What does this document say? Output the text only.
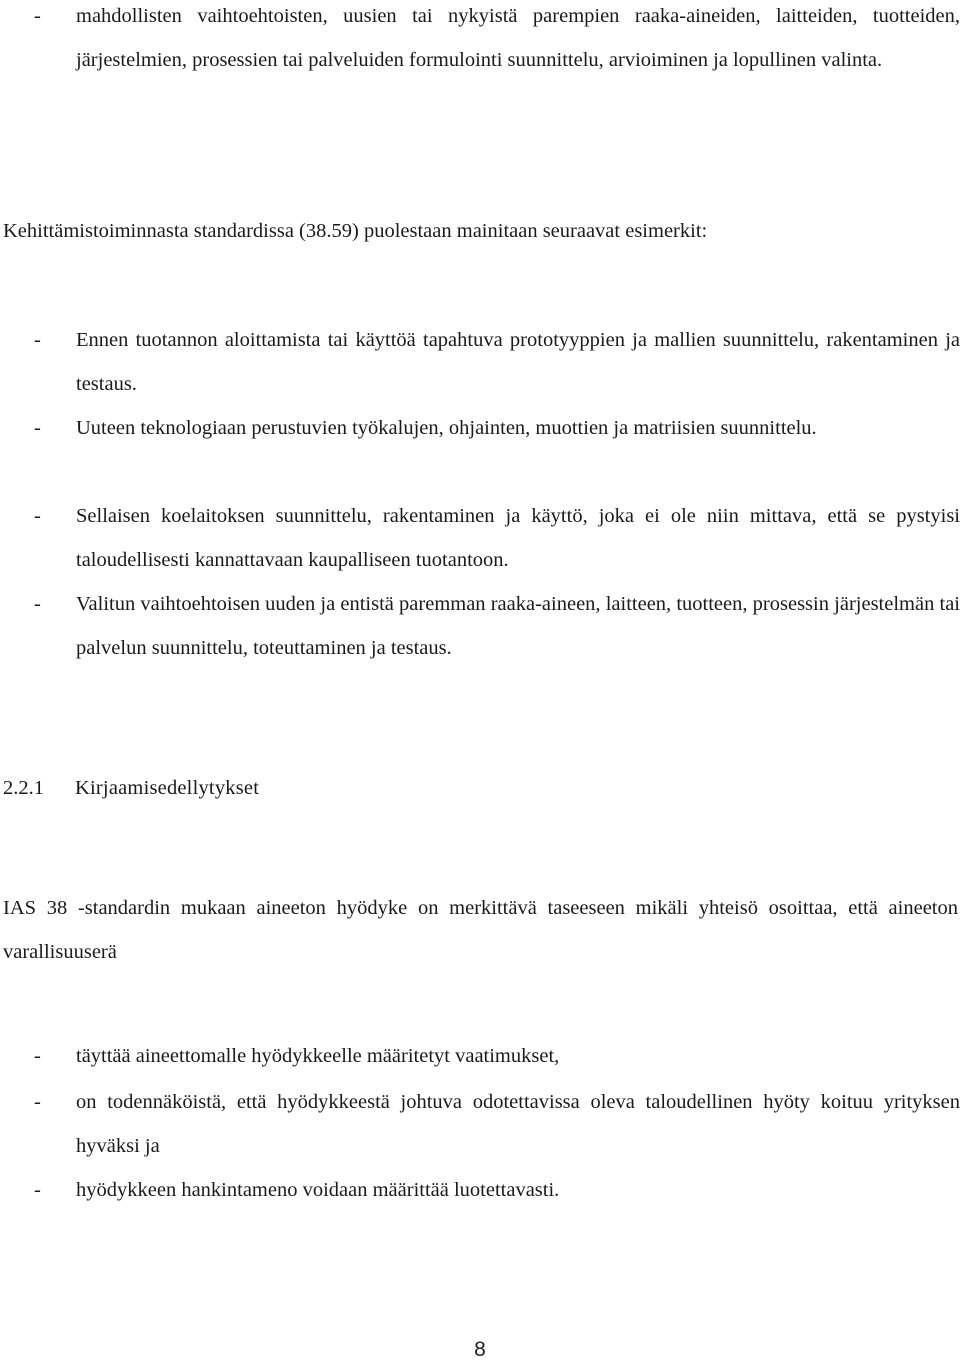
- mahdollisten vaihtoehtoisten, uusien tai nykyistä parempien raaka-aineiden, laitteiden, tuotteiden, järjestelmien, prosessien tai palveluiden formulointi suunnittelu, arvioiminen ja lopullinen valinta.
Kehittämistoiminnasta standardissa (38.59) puolestaan mainitaan seuraavat esimerkit:
- Ennen tuotannon aloittamista tai käyttöä tapahtuva prototyyppien ja mallien suunnittelu, rakentaminen ja testaus.
- Uuteen teknologiaan perustuvien työkalujen, ohjainten, muottien ja matriisien suunnittelu.
- Sellaisen koelaitoksen suunnittelu, rakentaminen ja käyttö, joka ei ole niin mittava, että se pystyisi taloudellisesti kannattavaan kaupalliseen tuotantoon.
- Valitun vaihtoehtoisen uuden ja entistä paremman raaka-aineen, laitteen, tuotteen, prosessin järjestelmän tai palvelun suunnittelu, toteuttaminen ja testaus.
2.2.1 Kirjaamisedellytykset
IAS 38 -standardin mukaan aineeton hyödyke on merkittävä taseeseen mikäli yhteisö osoittaa, että aineeton varallisuuserä
- täyttää aineettomalle hyödykkeelle määritetyt vaatimukset,
- on todennäköistä, että hyödykkeestä johtuva odotettavissa oleva taloudellinen hyöty koituu yrityksen hyväksi ja
- hyödykkeen hankintameno voidaan määrittää luotettavasti.
8
